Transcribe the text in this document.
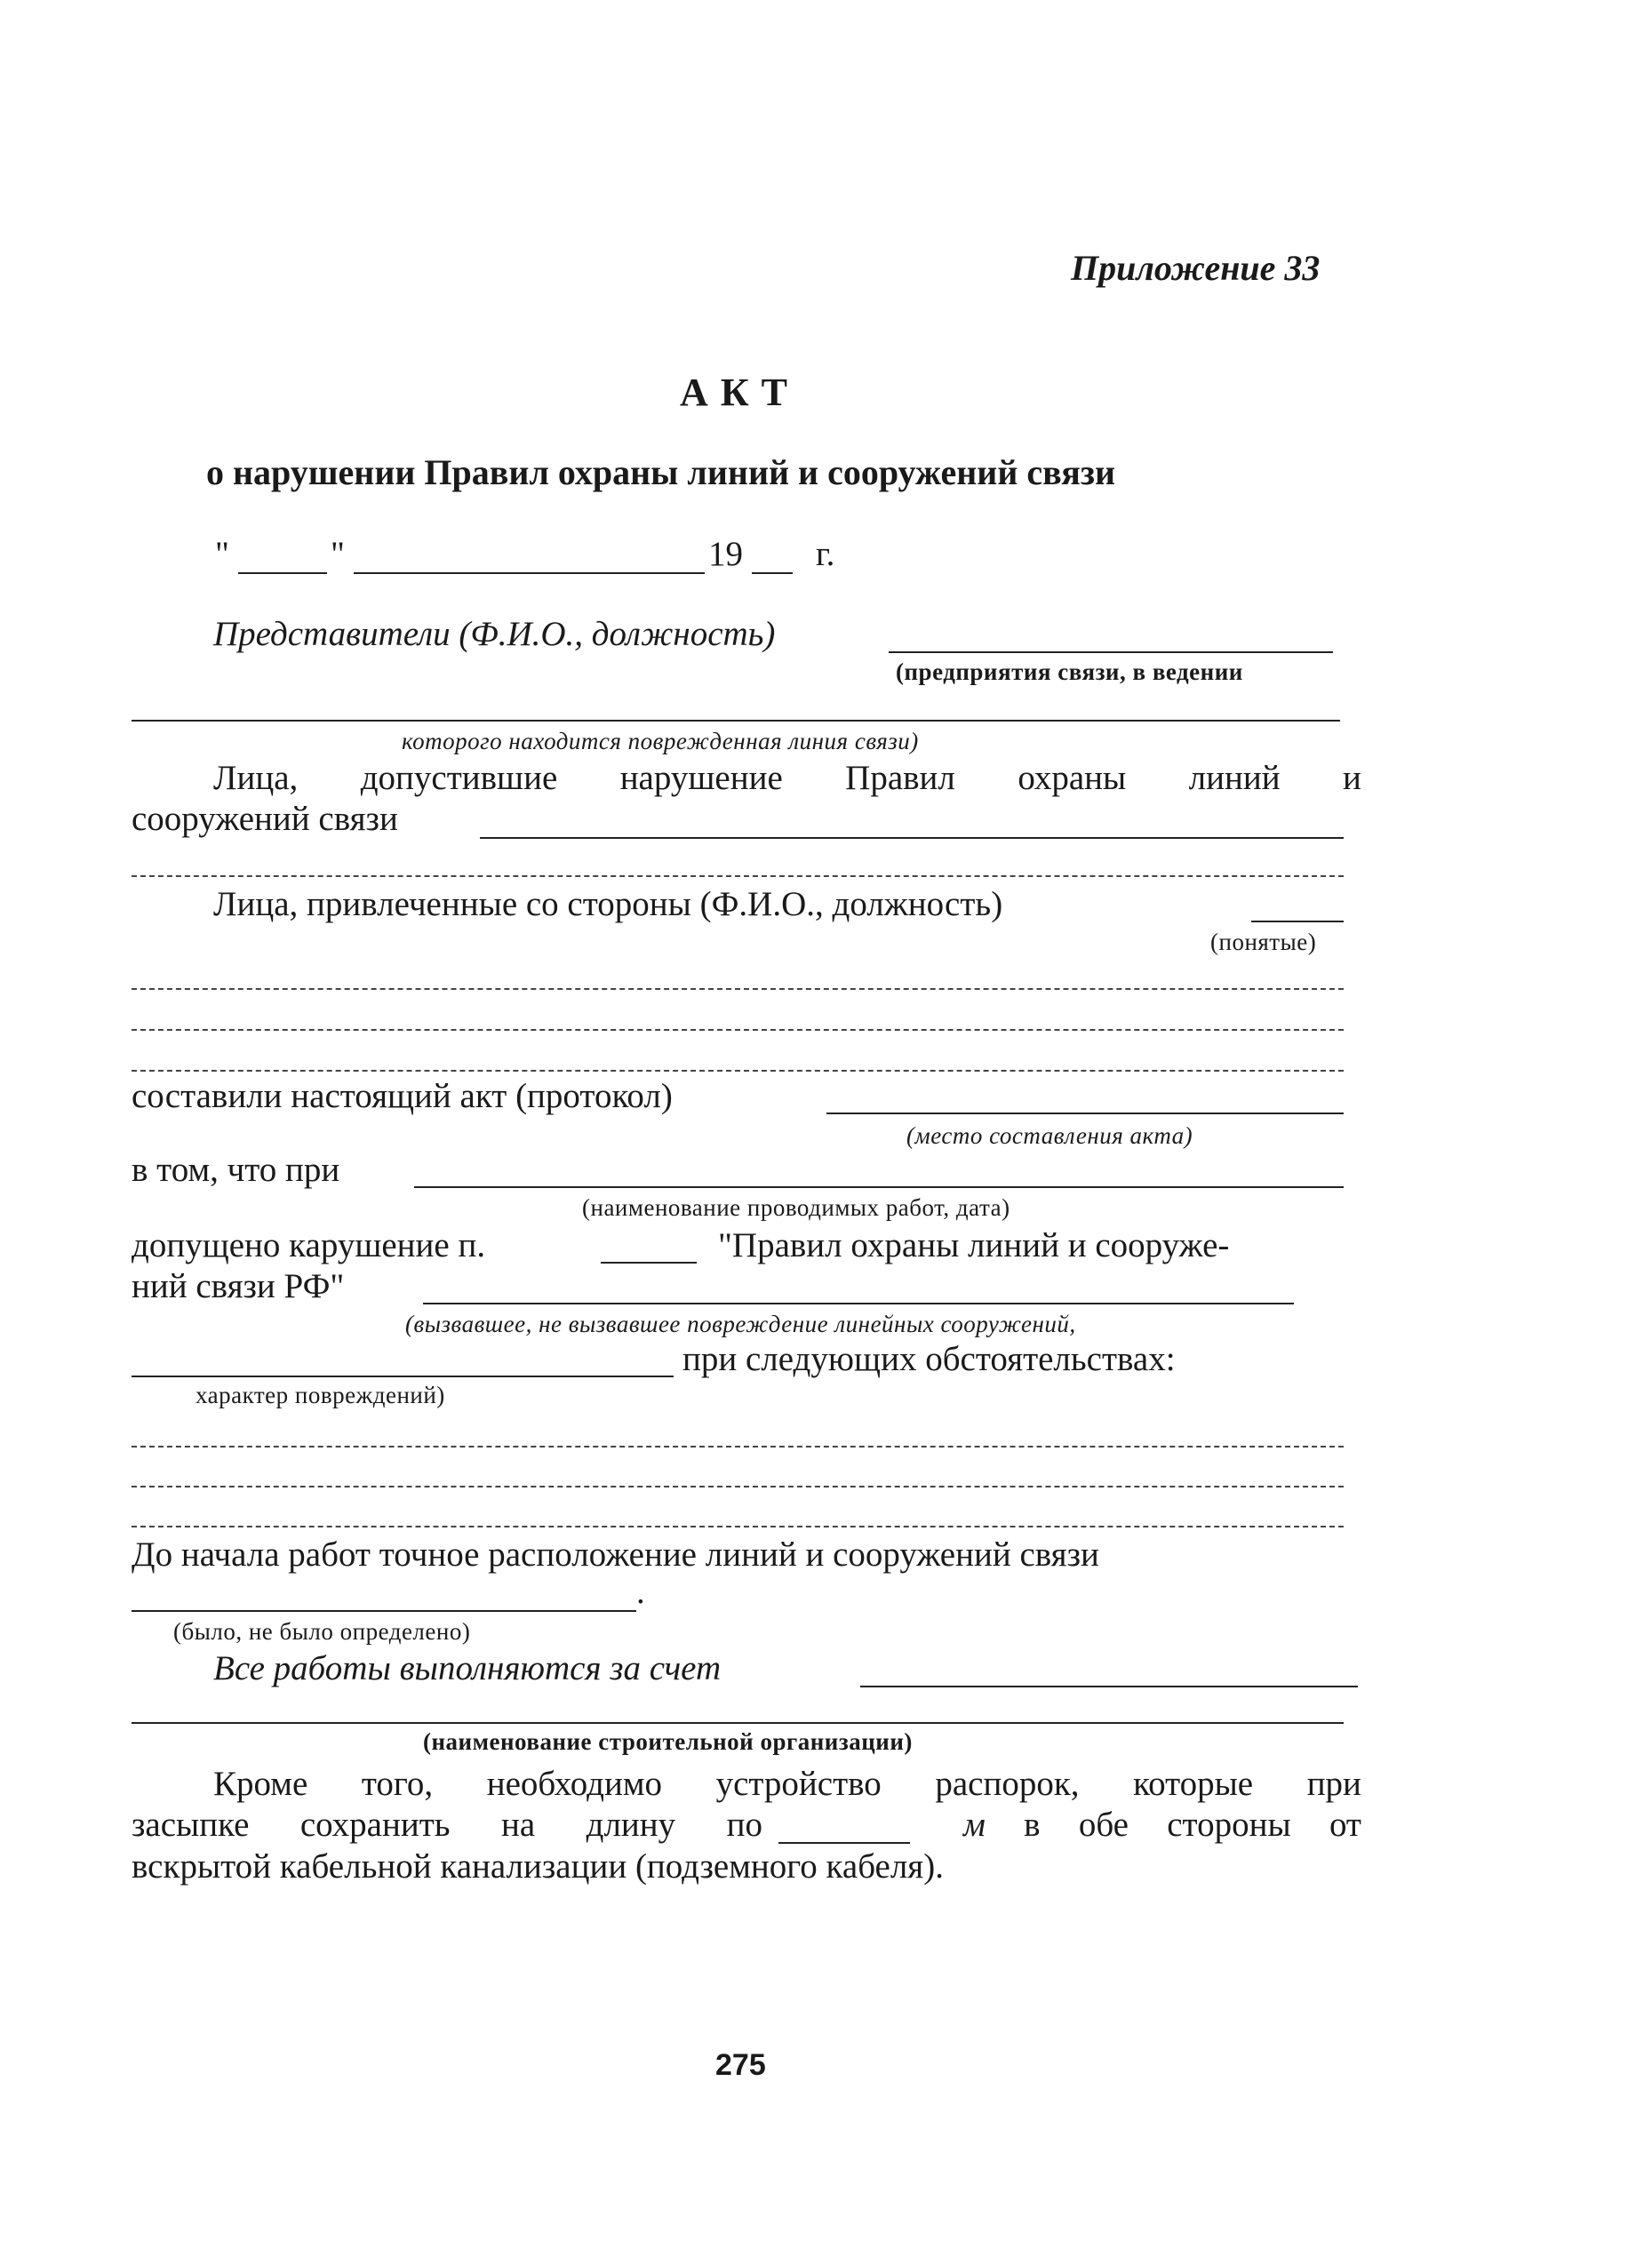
Приложение 33
АКТ
о нарушении Правил охраны линий и сооружений связи
"	"	19 г.
Представители (Ф.И.О., должность)
(предприятия связи, в ведении
которого находится поврежденная линия связи)
Лица, допустившие нарушение Правил охраны линий и
сооружений связи
Лица, привлеченные со стороны (Ф.И.О., должность)
(понятые)
составили настоящий акт (протокол)
(место составления акта)
в том, что при
(наименование проводимых работ, дата)
допущено карушение п.	"Правил охраны линий и сооруже-
ний связи РФ"
(вызвавшее, не вызвавшее повреждение линейных сооружений,
при следующих обстоятельствах:
характер повреждений)
До начала работ точное расположение линий и сооружений связи
.
(было, не было определено)
Все работы выполняются за счет
(наименование строительной организации)
Кроме того, необходимо устройство распорок, которые при
засыпке сохранить на длину по	м в обе стороны от
вскрытой кабельной канализации (подземного кабеля).
275
